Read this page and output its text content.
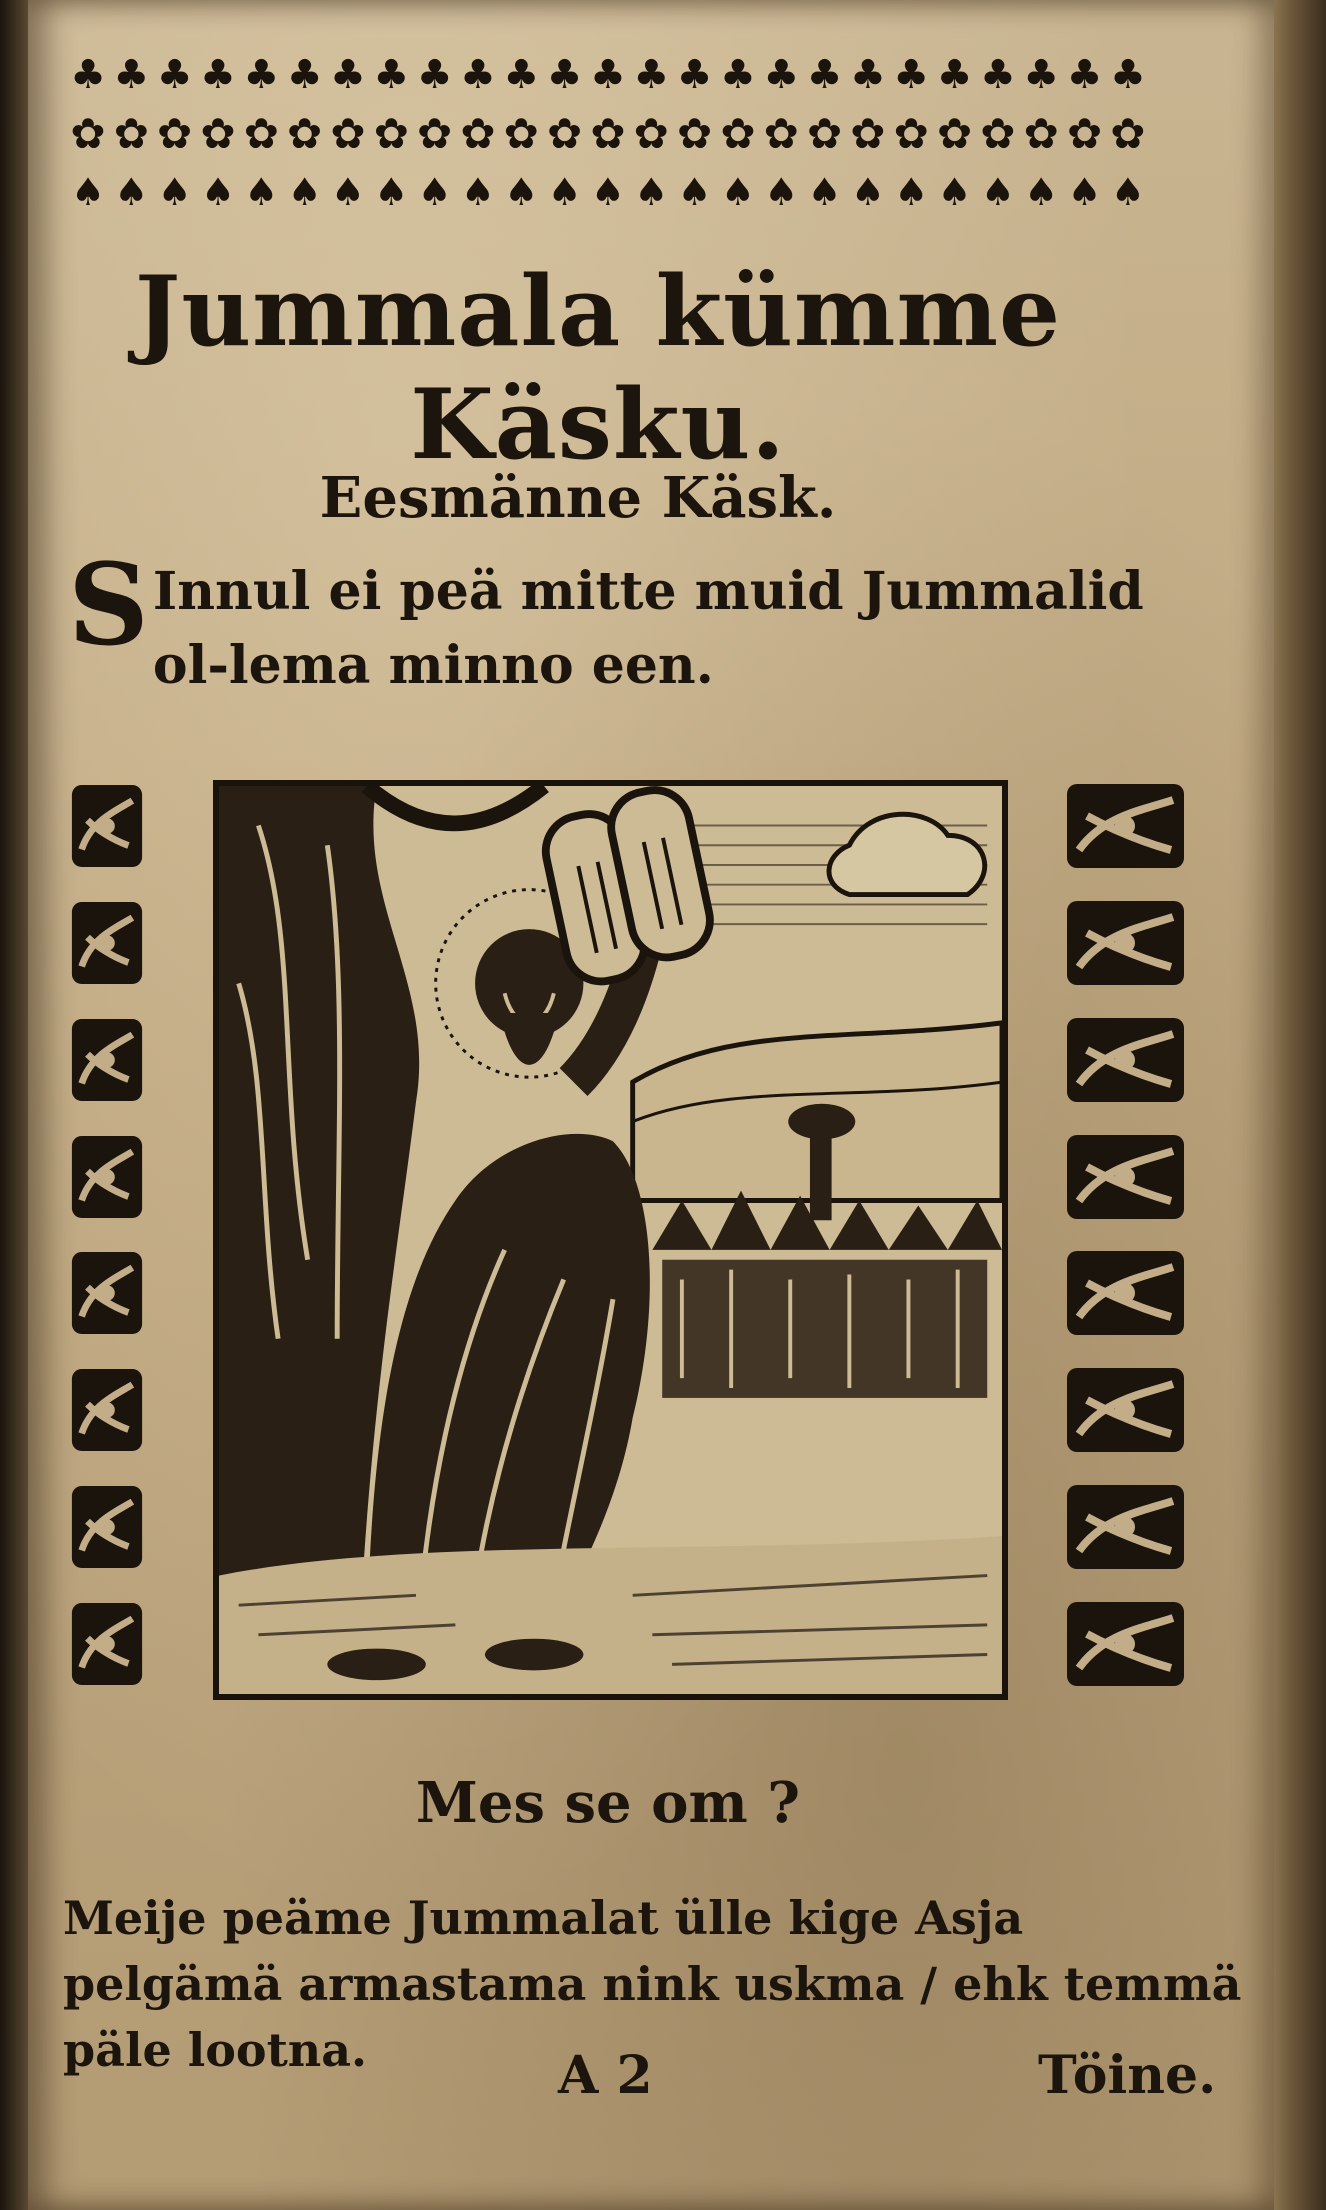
♣ ♣ ♣ ♣ ♣ ♣ ♣ ♣ ♣ ♣ ♣ ♣ ♣ ♣ ♣ ♣ ♣ ♣ ♣ ♣ ♣ ♣ ♣ ♣ ♣
✿ ✿ ✿ ✿ ✿ ✿ ✿ ✿ ✿ ✿ ✿ ✿ ✿ ✿ ✿ ✿ ✿ ✿ ✿ ✿ ✿ ✿ ✿ ✿ ✿
♠ ♠ ♠ ♠ ♠ ♠ ♠ ♠ ♠ ♠ ♠ ♠ ♠ ♠ ♠ ♠ ♠ ♠ ♠ ♠ ♠ ♠ ♠ ♠ ♠
Jummala kümme Käsku.
Eesmänne Käsk.

S Innul ei peä mitte muid Jummalid ol-lema minno een.

Mes se om ?

Meije peäme Jummalat ülle kige Asja pelgämä armastama nink uskma / ehk temmä päle lootna.	A 2	Töine.
